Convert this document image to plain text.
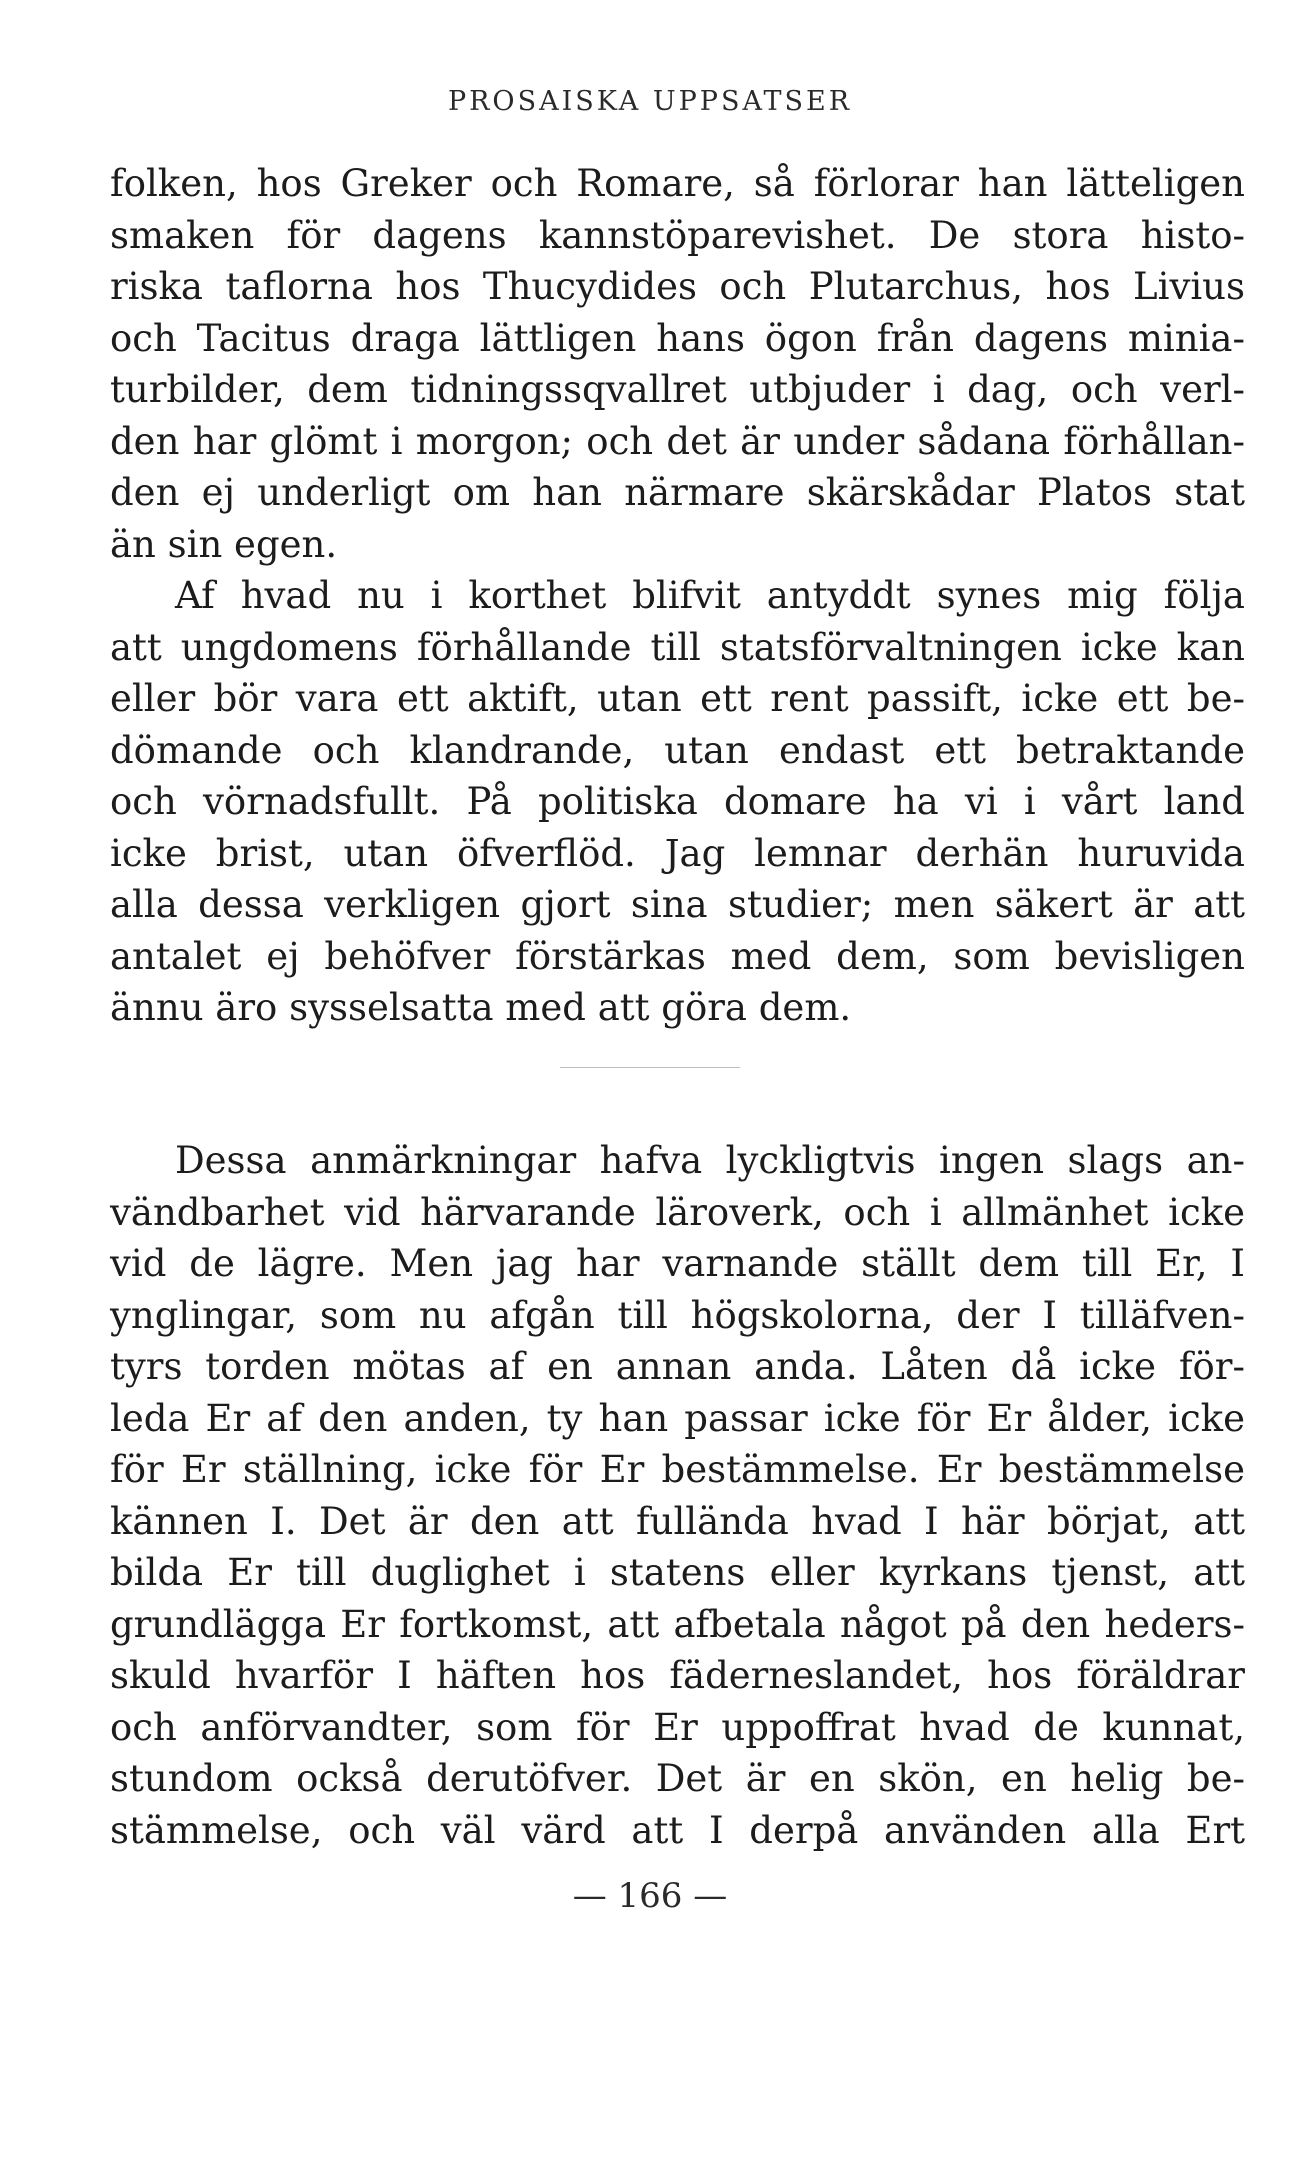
PROSAISKA UPPSATSER
folken, hos Greker och Romare, så förlorar han lätteligen
smaken för dagens kannstöparevishet. De stora histo-
riska taflorna hos Thucydides och Plutarchus, hos Livius
och Tacitus draga lättligen hans ögon från dagens minia-
turbilder, dem tidningssqvallret utbjuder i dag, och verl-
den har glömt i morgon; och det är under sådana förhållan-
den ej underligt om han närmare skärskådar Platos stat
än sin egen.
Af hvad nu i korthet blifvit antyddt synes mig följa
att ungdomens förhållande till statsförvaltningen icke kan
eller bör vara ett aktift, utan ett rent passift, icke ett be-
dömande och klandrande, utan endast ett betraktande
och vörnadsfullt. På politiska domare ha vi i vårt land
icke brist, utan öfverflöd. Jag lemnar derhän huruvida
alla dessa verkligen gjort sina studier; men säkert är att
antalet ej behöfver förstärkas med dem, som bevisligen
ännu äro sysselsatta med att göra dem.
Dessa anmärkningar hafva lyckligtvis ingen slags an-
vändbarhet vid härvarande läroverk, och i allmänhet icke
vid de lägre. Men jag har varnande ställt dem till Er, I
ynglingar, som nu afgån till högskolorna, der I tilläfven-
tyrs torden mötas af en annan anda. Låten då icke för-
leda Er af den anden, ty han passar icke för Er ålder, icke
för Er ställning, icke för Er bestämmelse. Er bestämmelse
kännen I. Det är den att fulländа hvad I här börjat, att
bilda Er till duglighet i statens eller kyrkans tjenst, att
grundlägga Er fortkomst, att afbetala något på den heders-
skuld hvarför I häften hos fäderneslandet, hos föräldrar
och anförvandter, som för Er uppoffrat hvad de kunnat,
stundom också derutöfver. Det är en skön, en helig be-
stämmelse, och väl värd att I derpå användеn alla Ert
— 166 —
